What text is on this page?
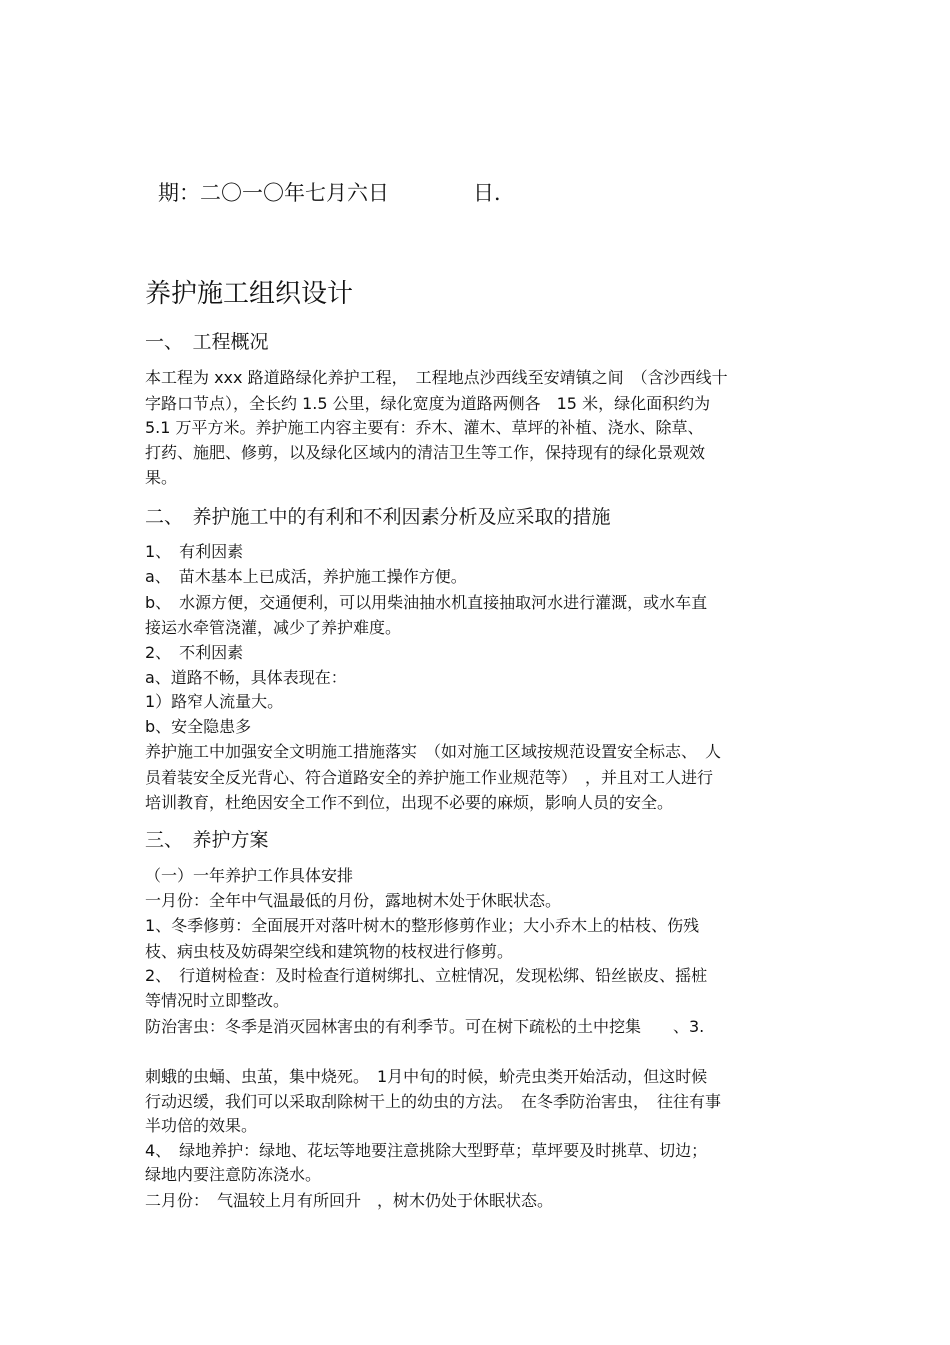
期：二〇一〇年七月六日　　　　日．
养护施工组织设计
一、　工程概况
本工程为 xxx 路道路绿化养护工程，　工程地点沙西线至安靖镇之间　（含沙西线十
字路口节点），全长约 1.5 公里，绿化宽度为道路两侧各　15 米，绿化面积约为
5.1 万平方米。养护施工内容主要有：乔木、灌木、草坪的补植、浇水、除草、
打药、施肥、修剪，以及绿化区域内的清洁卫生等工作，保持现有的绿化景观效
果。
二、　养护施工中的有利和不利因素分析及应采取的措施
1、　有利因素
a、　苗木基本上已成活，养护施工操作方便。
b、　水源方便，交通便利，可以用柴油抽水机直接抽取河水进行灌溉，或水车直
接运水牵管浇灌，减少了养护难度。
2、　不利因素
a、道路不畅，具体表现在：
1）路窄人流量大。
b、安全隐患多
养护施工中加强安全文明施工措施落实　（如对施工区域按规范设置安全标志、　人
员着装安全反光背心、符合道路安全的养护施工作业规范等）　，并且对工人进行
培训教育，杜绝因安全工作不到位，出现不必要的麻烦，影响人员的安全。
三、　养护方案
（一）一年养护工作具体安排
一月份：全年中气温最低的月份，露地树木处于休眠状态。
1、冬季修剪：全面展开对落叶树木的整形修剪作业；大小乔木上的枯枝、伤残
枝、病虫枝及妨碍架空线和建筑物的枝杈进行修剪。
2、　行道树检查：及时检查行道树绑扎、立桩情况，发现松绑、铅丝嵌皮、摇桩
等情况时立即整改。
防治害虫：冬季是消灭园林害虫的有利季节。可在树下疏松的土中挖集　　、3.
刺蛾的虫蛹、虫茧，集中烧死。　1月中旬的时候，蚧壳虫类开始活动，但这时候
行动迟缓，我们可以采取刮除树干上的幼虫的方法。　在冬季防治害虫，　往往有事
半功倍的效果。
4、　绿地养护：绿地、花坛等地要注意挑除大型野草；草坪要及时挑草、切边；
绿地内要注意防冻浇水。
二月份：　气温较上月有所回升　，树木仍处于休眠状态。
